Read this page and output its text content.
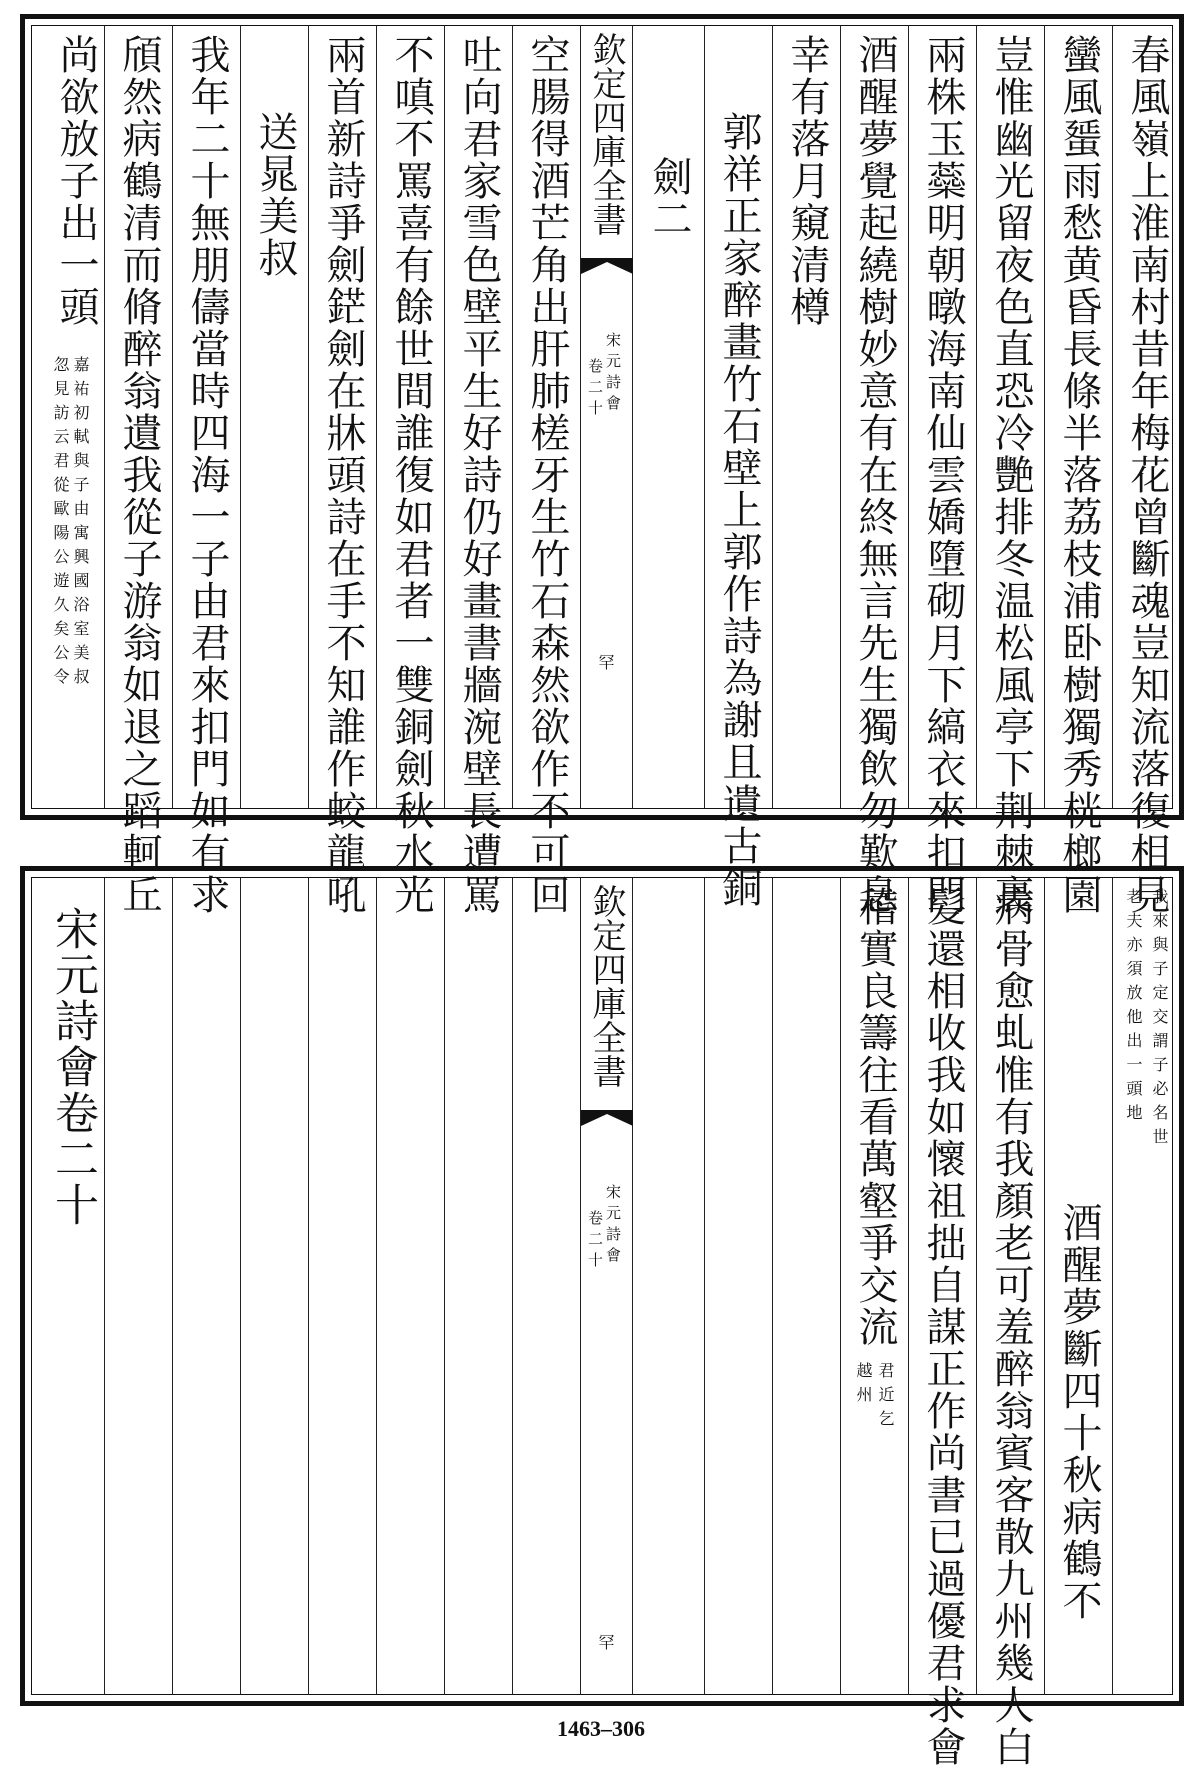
春風嶺上淮南村昔年梅花曾斷魂豈知流落復相見
蠻風蜑雨愁黄昏長條半落荔枝浦卧樹獨秀桄榔園
豈惟幽光留夜色直恐冷艷排冬温松風亭下荆棘裏
兩株玉蘂明朝暾海南仙雲嬌墮砌月下縞衣來扣門
酒醒夢覺起繞樹妙意有在終無言先生獨飲勿歎息
幸有落月窺清樽
郭祥正家醉畫竹石壁上郭作詩為謝且遺古銅
劍二
欽定四庫全書
宋元詩會
卷二十
罕
空腸得酒芒角出肝肺槎牙生竹石森然欲作不可回
吐向君家雪色壁平生好詩仍好畫書牆涴壁長遭罵
不嗔不罵喜有餘世間誰復如君者一雙銅劍秋水光
兩首新詩爭劍鋩劍在牀頭詩在手不知誰作蛟龍吼
送晁美叔
我年二十無朋儔當時四海一子由君來扣門如有求
頎然病鶴清而脩醉翁遺我從子游翁如退之蹈軻丘
尚欲放子出一頭
嘉祐初軾與子由寓興國浴室美叔
忽見訪云君從歐陽公遊久矣公令
我來與子定交謂子必名世
老夫亦須放他出一頭地
酒醒夢斷四十秋病鶴不
病骨愈虬惟有我顏老可羞醉翁賓客散九州幾人白
髪還相收我如懷祖拙自謀正作尚書已過優君求會
稽實良籌往看萬壑爭交流
君近乞
越州
欽定四庫全書
宋元詩會
卷二十
罕
宋元詩會卷二十
1463–306
